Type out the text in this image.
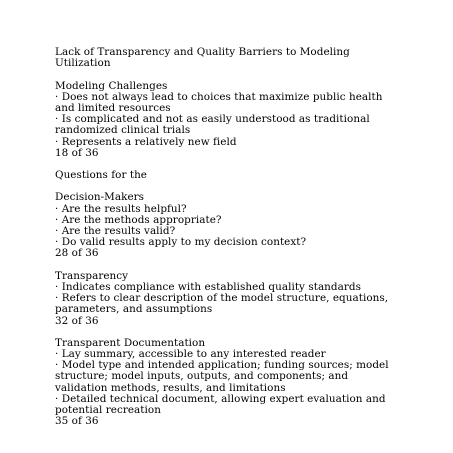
Lack of Transparency and Quality Barriers to Modeling
Utilization
Modeling Challenges
· Does not always lead to choices that maximize public health
and limited resources
· Is complicated and not as easily understood as traditional
randomized clinical trials
· Represents a relatively new field
18 of 36
Questions for the
Decision-Makers
· Are the results helpful?
· Are the methods appropriate?
· Are the results valid?
· Do valid results apply to my decision context?
28 of 36
Transparency
· Indicates compliance with established quality standards
· Refers to clear description of the model structure, equations,
parameters, and assumptions
32 of 36
Transparent Documentation
· Lay summary, accessible to any interested reader
· Model type and intended application; funding sources; model
structure; model inputs, outputs, and components; and
validation methods, results, and limitations
· Detailed technical document, allowing expert evaluation and
potential recreation
35 of 36
